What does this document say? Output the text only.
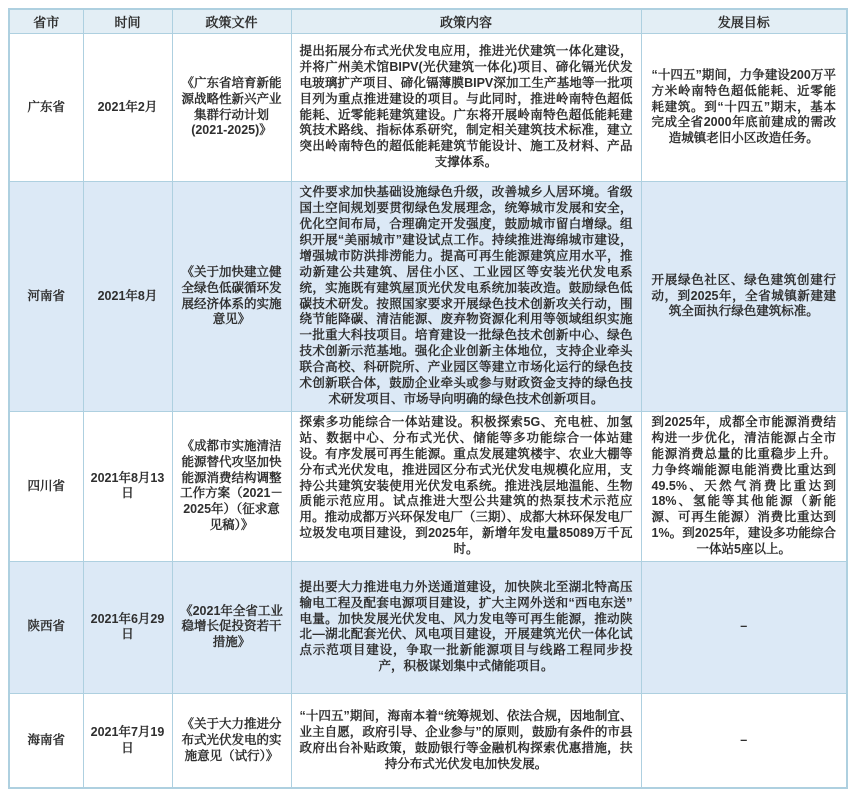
省市	时间	政策文件	政策内容	发展目标
广东省	2021年2月	《广东省培育新能源战略性新兴产业集群行动计划(2021-2025)》	提出拓展分布式光伏发电应用，推进光伏建筑一体化建设，并将广州美术馆BIPV(光伏建筑一体化)项目、碲化镉光伏发电玻璃扩产项目、碲化镉薄膜BIPV深加工生产基地等一批项目列为重点推进建设的项目。与此同时，推进岭南特色超低能耗、近零能耗建筑建设。广东将开展岭南特色超低能耗建筑技术路线、指标体系研究，制定相关建筑技术标准，建立突出岭南特色的超低能耗建筑节能设计、施工及材料、产品支撑体系。	“十四五”期间，力争建设200万平方米岭南特色超低能耗、近零能耗建筑。到“十四五”期末，基本完成全省2000年底前建成的需改造城镇老旧小区改造任务。
河南省	2021年8月	《关于加快建立健全绿色低碳循环发展经济体系的实施意见》	文件要求加快基础设施绿色升级，改善城乡人居环境。省级国土空间规划要贯彻绿色发展理念，统筹城市发展和安全，优化空间布局，合理确定开发强度，鼓励城市留白增绿。组织开展“美丽城市”建设试点工作。持续推进海绵城市建设，增强城市防洪排涝能力。提高可再生能源建筑应用水平，推动新建公共建筑、居住小区、工业园区等安装光伏发电系统，实施既有建筑屋顶光伏发电系统加装改造。鼓励绿色低碳技术研发。按照国家要求开展绿色技术创新攻关行动，围绕节能降碳、清洁能源、废弃物资源化利用等领域组织实施一批重大科技项目。培育建设一批绿色技术创新中心、绿色技术创新示范基地。强化企业创新主体地位，支持企业牵头联合高校、科研院所、产业园区等建立市场化运行的绿色技术创新联合体，鼓励企业牵头或参与财政资金支持的绿色技术研发项目、市场导向明确的绿色技术创新项目。	开展绿色社区、绿色建筑创建行动，到2025年，全省城镇新建建筑全面执行绿色建筑标准。
四川省	2021年8月13日	《成都市实施清洁能源替代攻坚加快能源消费结构调整工作方案（2021－2025年）（征求意见稿）》	探索多功能综合一体站建设。积极探索5G、充电桩、加氢站、数据中心、分布式光伏、储能等多功能综合一体站建设。有序发展可再生能源。重点发展建筑楼宇、农业大棚等分布式光伏发电，推进园区分布式光伏发电规模化应用，支持公共建筑安装使用光伏发电系统。推进浅层地温能、生物质能示范应用。试点推进大型公共建筑的热泵技术示范应用。推动成都万兴环保发电厂（三期）、成都大林环保发电厂垃圾发电项目建设，到2025年，新增年发电量85089万千瓦时。	到2025年，成都全市能源消费结构进一步优化，清洁能源占全市能源消费总量的比重稳步上升。力争终端能源电能消费比重达到49.5%、天然气消费比重达到18%、氢能等其他能源（新能源、可再生能源）消费比重达到1%。到2025年，建设多功能综合一体站5座以上。
陕西省	2021年6月29日	《2021年全省工业稳增长促投资若干措施》	提出要大力推进电力外送通道建设，加快陕北至湖北特高压输电工程及配套电源项目建设，扩大主网外送和“西电东送”电量。加快发展光伏发电、风力发电等可再生能源，推动陕北—湖北配套光伏、风电项目建设，开展建筑光伏一体化试点示范项目建设，争取一批新能源项目与线路工程同步投产，积极谋划集中式储能项目。	–
海南省	2021年7月19日	《关于大力推进分布式光伏发电的实施意见（试行）》	“十四五”期间，海南本着“统筹规划、依法合规，因地制宜、业主自愿，政府引导、企业参与”的原则，鼓励有条件的市县政府出台补贴政策，鼓励银行等金融机构探索优惠措施，扶持分布式光伏发电加快发展。	–
